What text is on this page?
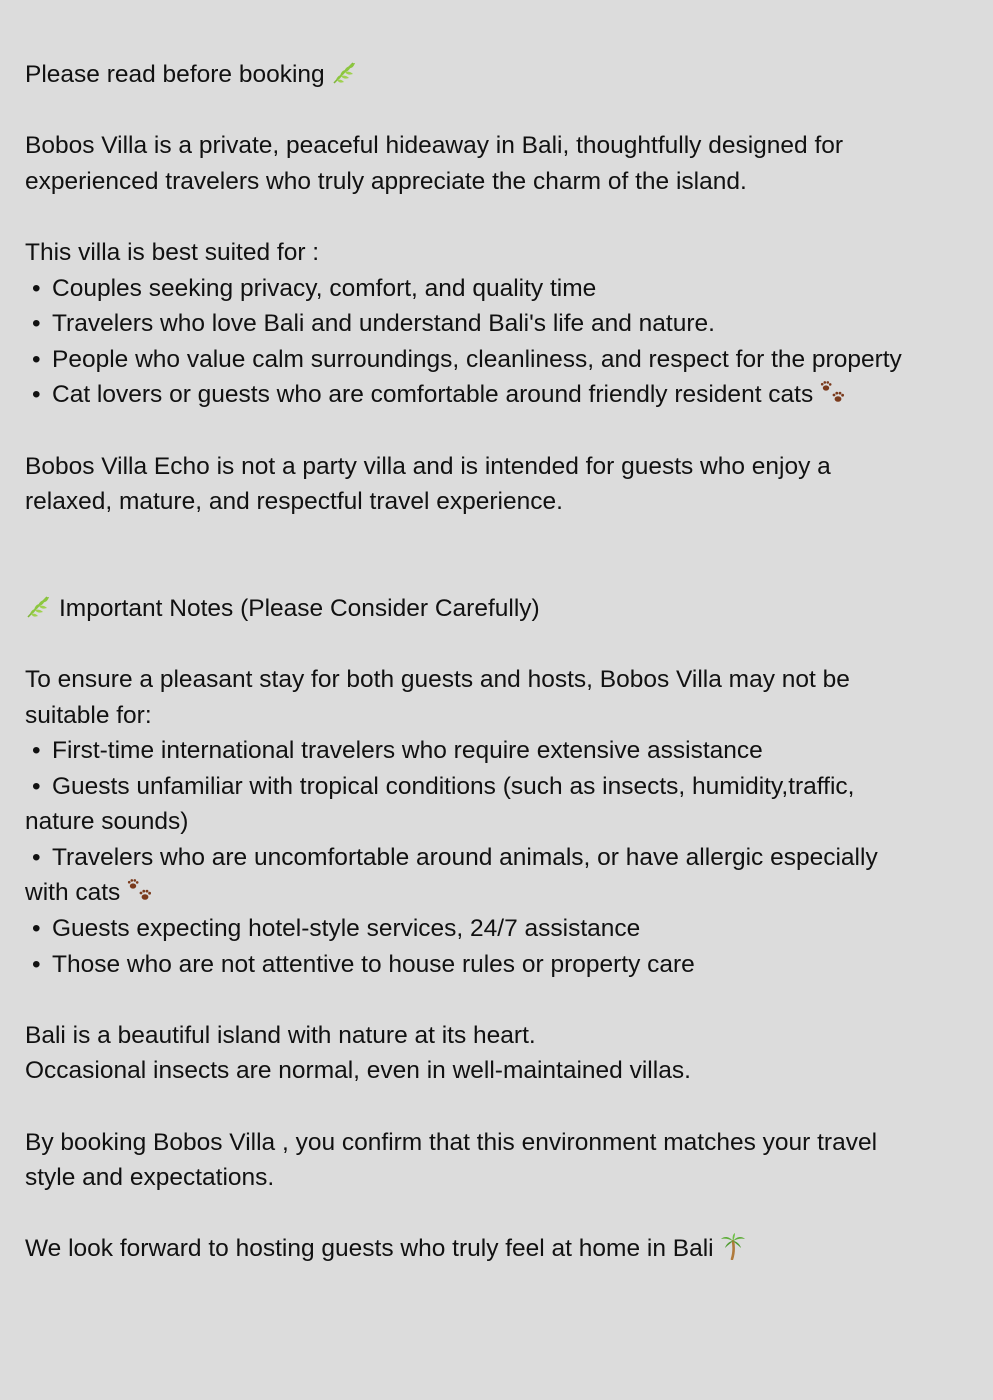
Please read before booking

Bobos Villa is a private, peaceful hideaway in Bali, thoughtfully designed for

experienced travelers who truly appreciate the charm of the island.

This villa is best suited for :

• Couples seeking privacy, comfort, and quality time

• Travelers who love Bali and understand Bali's life and nature.

• People who value calm surroundings, cleanliness, and respect for the property

• Cat lovers or guests who are comfortable around friendly resident cats

Bobos Villa Echo is not a party villa and is intended for guests who enjoy a

relaxed, mature, and respectful travel experience.

Important Notes (Please Consider Carefully)

To ensure a pleasant stay for both guests and hosts, Bobos Villa may not be

suitable for:

• First-time international travelers who require extensive assistance

• Guests unfamiliar with tropical conditions (such as insects, humidity,traffic,

nature sounds)

• Travelers who are uncomfortable around animals, or have allergic especially

with cats

• Guests expecting hotel-style services, 24/7 assistance

• Those who are not attentive to house rules or property care

Bali is a beautiful island with nature at its heart.

Occasional insects are normal, even in well-maintained villas.

By booking Bobos Villa , you confirm that this environment matches your travel

style and expectations.

We look forward to hosting guests who truly feel at home in Bali
